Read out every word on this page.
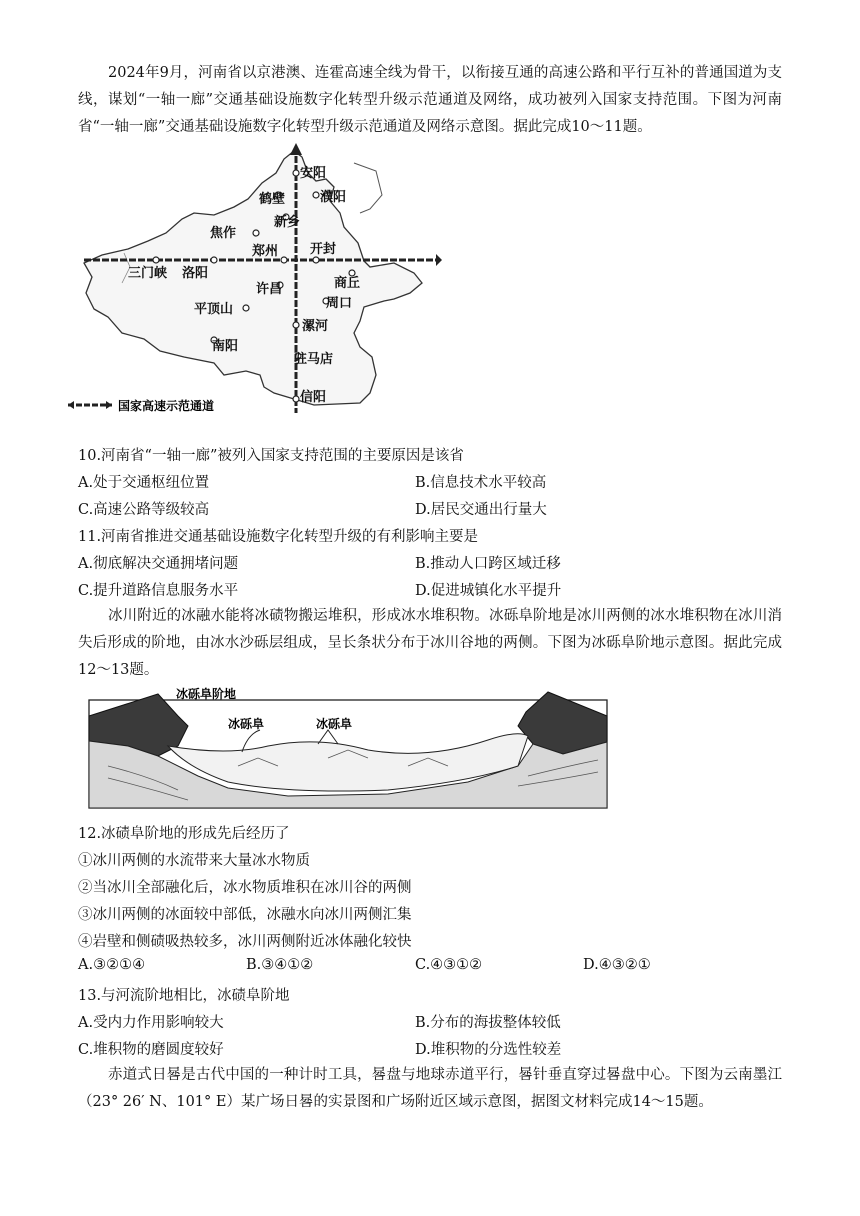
2024年9月，河南省以京港澳、连霍高速全线为骨干，以衔接互通的高速公路和平行互补的普通国道为支线，谋划“一轴一廊”交通基础设施数字化转型升级示范通道及网络，成功被列入国家支持范围。下图为河南省“一轴一廊”交通基础设施数字化转型升级示范通道及网络示意图。据此完成10～11题。
安阳
鹤壁	濮阳
新乡
焦作
三门峡 洛阳
郑州 开封
商丘
许昌
周口
平顶山
漯河
南阳
驻马店
信阳
国家高速示范通道
10.河南省“一轴一廊”被列入国家支持范围的主要原因是该省
A.处于交通枢纽位置	B.信息技术水平较高
C.高速公路等级较高	D.居民交通出行量大
11.河南省推进交通基础设施数字化转型升级的有利影响主要是
A.彻底解决交通拥堵问题	B.推动人口跨区域迁移
C.提升道路信息服务水平	D.促进城镇化水平提升
冰川附近的冰融水能将冰碛物搬运堆积，形成冰水堆积物。冰砾阜阶地是冰川两侧的冰水堆积物在冰川消失后形成的阶地，由冰水沙砾层组成，呈长条状分布于冰川谷地的两侧。下图为冰砾阜阶地示意图。据此完成12～13题。
冰砾阜阶地
冰砾阜	冰砾阜
12.冰碛阜阶地的形成先后经历了
①冰川两侧的水流带来大量冰水物质
②当冰川全部融化后，冰水物质堆积在冰川谷的两侧
③冰川两侧的冰面较中部低，冰融水向冰川两侧汇集
④岩壁和侧碛吸热较多，冰川两侧附近冰体融化较快
A.③②①④	B.③④①②	C.④③①②	D.④③②①
13.与河流阶地相比，冰碛阜阶地
A.受内力作用影响较大	B.分布的海拔整体较低
C.堆积物的磨圆度较好	D.堆积物的分选性较差
赤道式日晷是古代中国的一种计时工具，晷盘与地球赤道平行，晷针垂直穿过晷盘中心。下图为云南墨江（23° 26′ N、101° E）某广场日晷的实景图和广场附近区域示意图，据图文材料完成14～15题。
